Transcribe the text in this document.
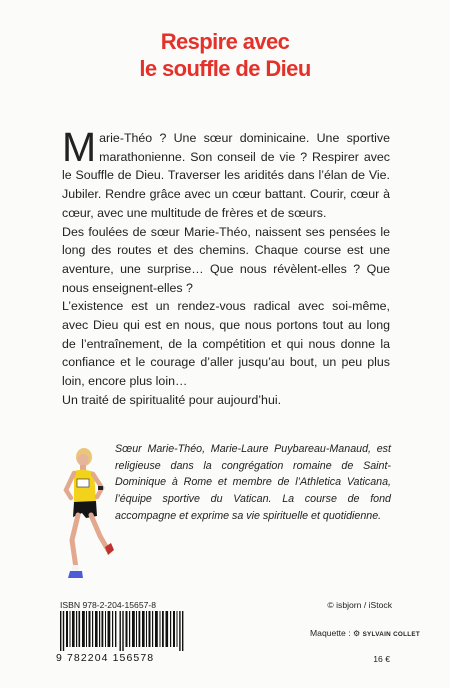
Respire avec
le souffle de Dieu

Marie-Théo ? Une sœur dominicaine. Une sportive marathonienne. Son conseil de vie ? Respirer avec le Souffle de Dieu. Traverser les aridités dans l’élan de Vie. Jubiler. Rendre grâce avec un cœur battant. Courir, cœur à cœur, avec une multitude de frères et de sœurs.

Des foulées de sœur Marie-Théo, naissent ses pensées le long des routes et des chemins. Chaque course est une aventure, une surprise… Que nous révèlent-elles ? Que nous enseignent-elles ?

L’existence est un rendez-vous radical avec soi-même, avec Dieu qui est en nous, que nous portons tout au long de l’entraînement, de la compétition et qui nous donne la confiance et le courage d’aller jusqu’au bout, un peu plus loin, encore plus loin…

Un traité de spiritualité pour aujourd’hui.

Sœur Marie-Théo, Marie-Laure Puybareau-Manaud, est religieuse dans la congrégation romaine de Saint-Dominique à Rome et membre de l’Athletica Vaticana, l’équipe sportive du Vatican. La course de fond accompagne et exprime sa vie spirituelle et quotidienne.
ISBN 978-2-204-15657-8
9 782204 156578
© isbjorn / iStock
Maquette : ⚙ SYLVAIN COLLET
16 €
